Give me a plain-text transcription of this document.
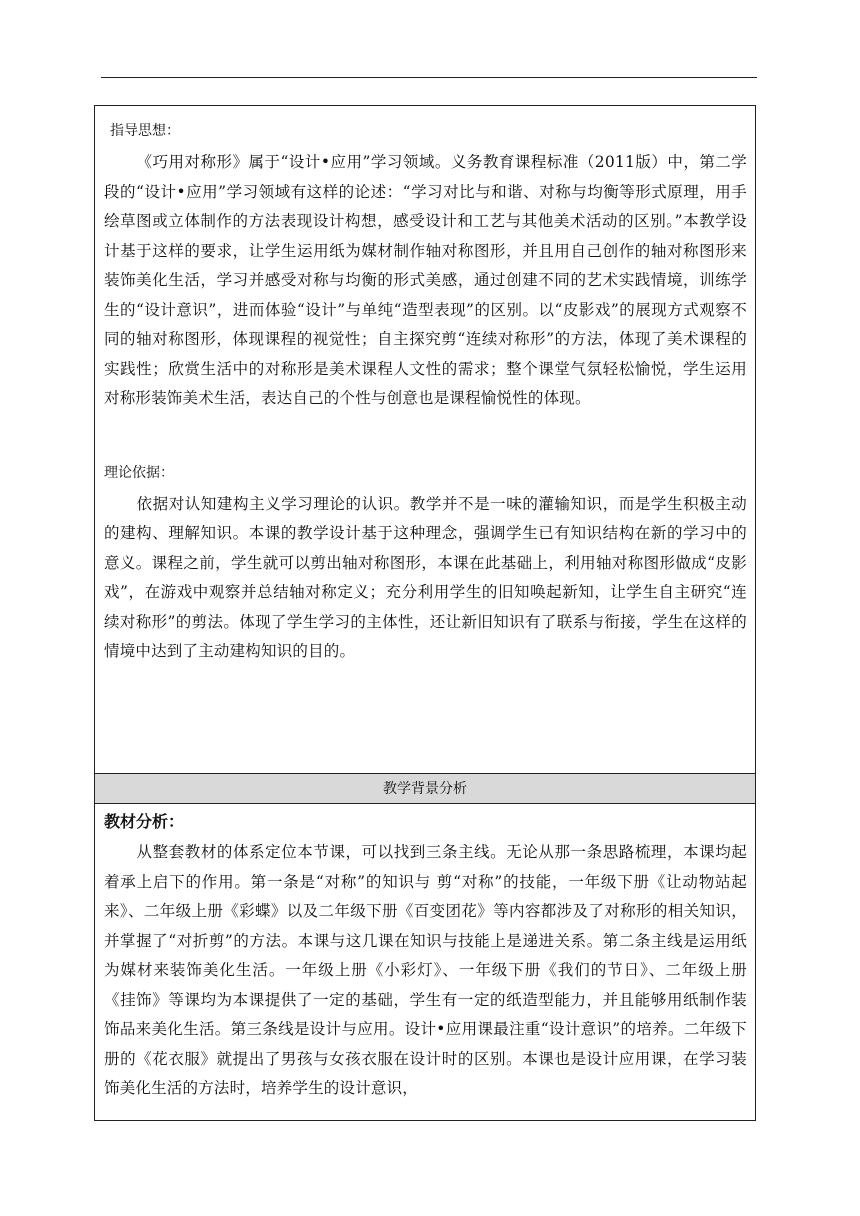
指导思想：

《巧用对称形》属于“设计•应用”学习领域。义务教育课程标准（2011版）中，第二学段的“设计•应用”学习领域有这样的论述：“学习对比与和谐、对称与均衡等形式原理，用手绘草图或立体制作的方法表现设计构想，感受设计和工艺与其他美术活动的区别。”本教学设计基于这样的要求，让学生运用纸为媒材制作轴对称图形，并且用自己创作的轴对称图形来装饰美化生活，学习并感受对称与均衡的形式美感，通过创建不同的艺术实践情境，训练学生的“设计意识”，进而体验“设计”与单纯“造型表现”的区别。以“皮影戏”的展现方式观察不同的轴对称图形，体现课程的视觉性；自主探究剪“连续对称形”的方法，体现了美术课程的实践性；欣赏生活中的对称形是美术课程人文性的需求；整个课堂气氛轻松愉悦，学生运用对称形装饰美术生活，表达自己的个性与创意也是课程愉悦性的体现。

理论依据：

依据对认知建构主义学习理论的认识。教学并不是一味的灌输知识，而是学生积极主动的建构、理解知识。本课的教学设计基于这种理念，强调学生已有知识结构在新的学习中的意义。课程之前，学生就可以剪出轴对称图形，本课在此基础上，利用轴对称图形做成“皮影戏”，在游戏中观察并总结轴对称定义；充分利用学生的旧知唤起新知，让学生自主研究“连续对称形”的剪法。体现了学生学习的主体性，还让新旧知识有了联系与衔接，学生在这样的情境中达到了主动建构知识的目的。

教学背景分析

教材分析：

从整套教材的体系定位本节课，可以找到三条主线。无论从那一条思路梳理，本课均起着承上启下的作用。第一条是“对称”的知识与 剪“对称”的技能，一年级下册《让动物站起来》、二年级上册《彩蝶》以及二年级下册《百变团花》等内容都涉及了对称形的相关知识，并掌握了“对折剪”的方法。本课与这几课在知识与技能上是递进关系。第二条主线是运用纸为媒材来装饰美化生活。一年级上册《小彩灯》、一年级下册《我们的节日》、二年级上册《挂饰》等课均为本课提供了一定的基础，学生有一定的纸造型能力，并且能够用纸制作装饰品来美化生活。第三条线是设计与应用。设计•应用课最注重“设计意识”的培养。二年级下册的《花衣服》就提出了男孩与女孩衣服在设计时的区别。本课也是设计应用课，在学习装饰美化生活的方法时，培养学生的设计意识，
